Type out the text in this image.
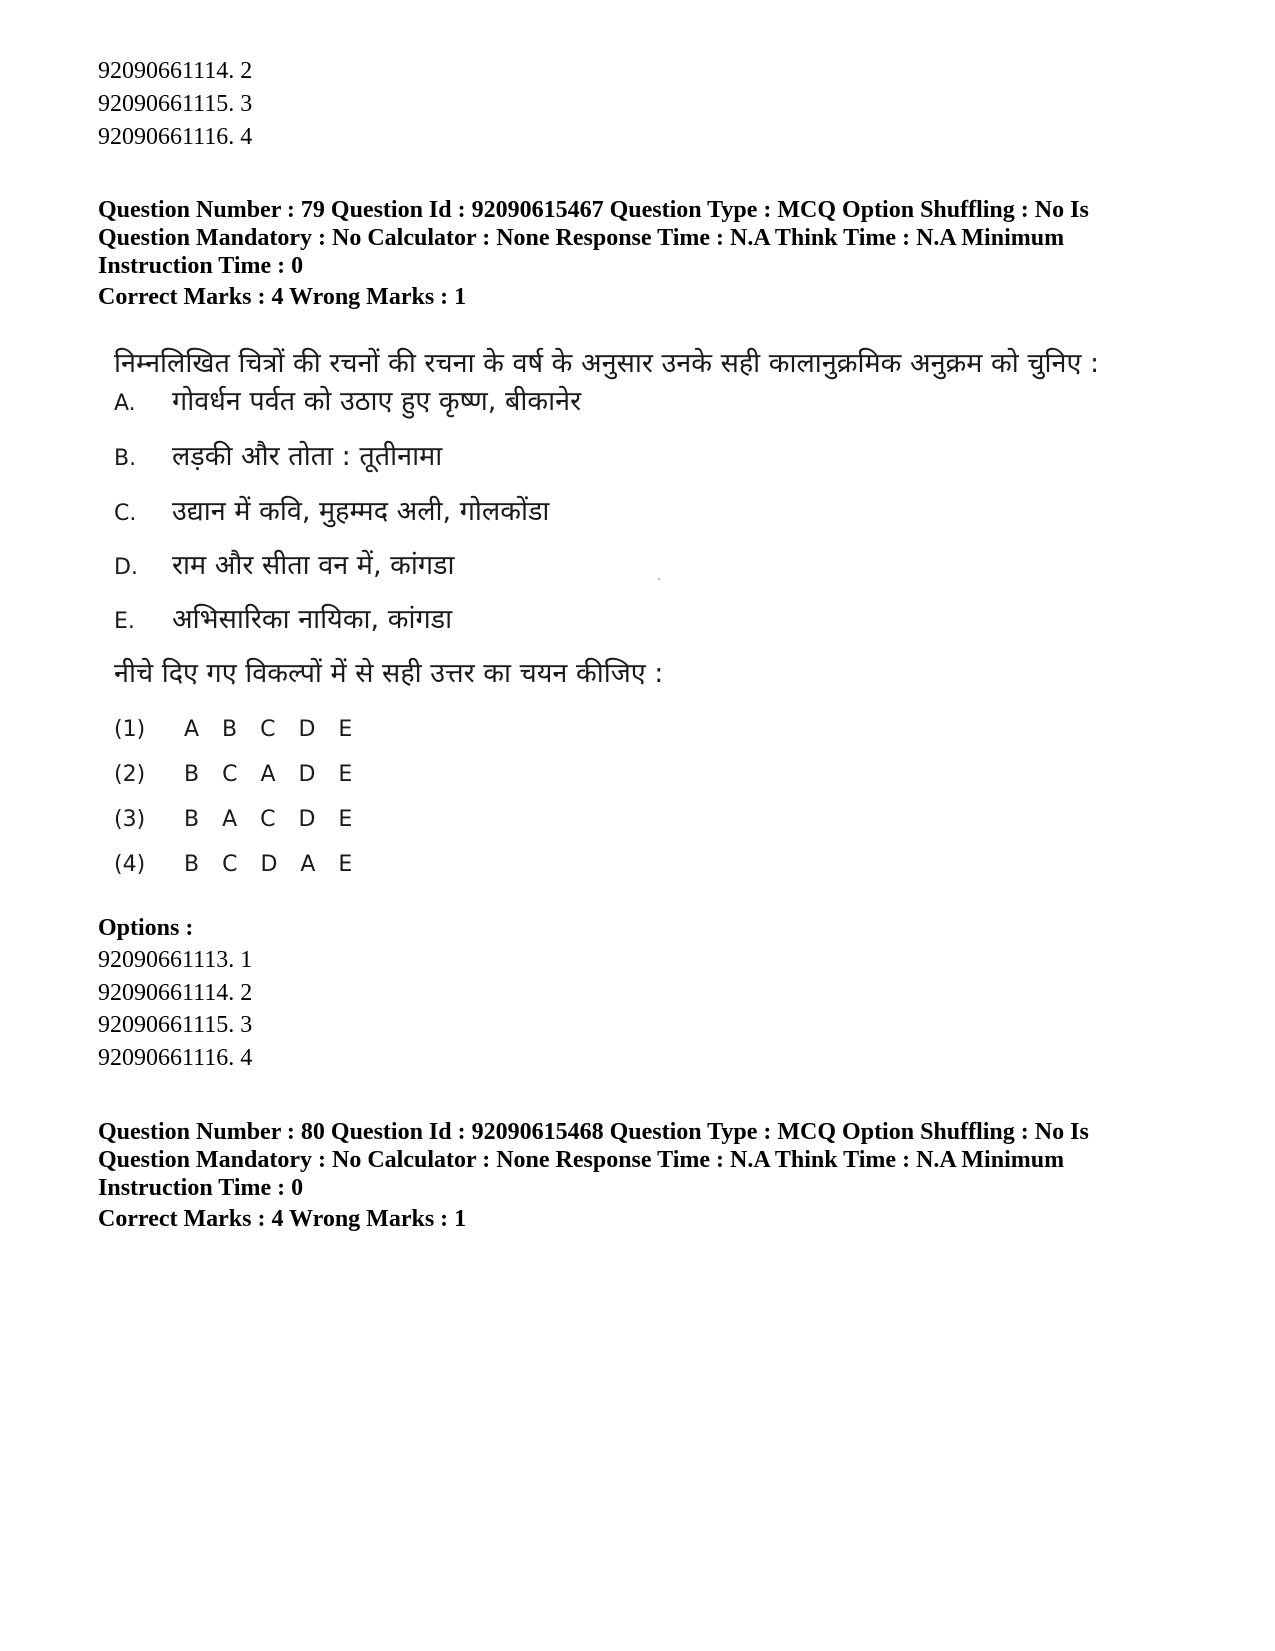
92090661114. 2
92090661115. 3
92090661116. 4
Question Number : 79 Question Id : 92090615467 Question Type : MCQ Option Shuffling : No Is Question Mandatory : No Calculator : None Response Time : N.A Think Time : N.A Minimum Instruction Time : 0
Correct Marks : 4 Wrong Marks : 1
निम्नलिखित चित्रों की रचनों की रचना के वर्ष के अनुसार उनके सही कालानुक्रमिक अनुक्रम को चुनिए :
A. गोवर्धन पर्वत को उठाए हुए कृष्ण, बीकानेर
B. लड़की और तोता : तूतीनामा
C. उद्यान में कवि, मुहम्मद अली, गोलकोंडा
D. राम और सीता वन में, कांगडा
E. अभिसारिका नायिका, कांगडा
नीचे दिए गए विकल्पों में से सही उत्तर का चयन कीजिए :
(1) A B C D E
(2) B C A D E
(3) B A C D E
(4) B C D A E
Options :
92090661113. 1
92090661114. 2
92090661115. 3
92090661116. 4
Question Number : 80 Question Id : 92090615468 Question Type : MCQ Option Shuffling : No Is Question Mandatory : No Calculator : None Response Time : N.A Think Time : N.A Minimum Instruction Time : 0
Correct Marks : 4 Wrong Marks : 1
